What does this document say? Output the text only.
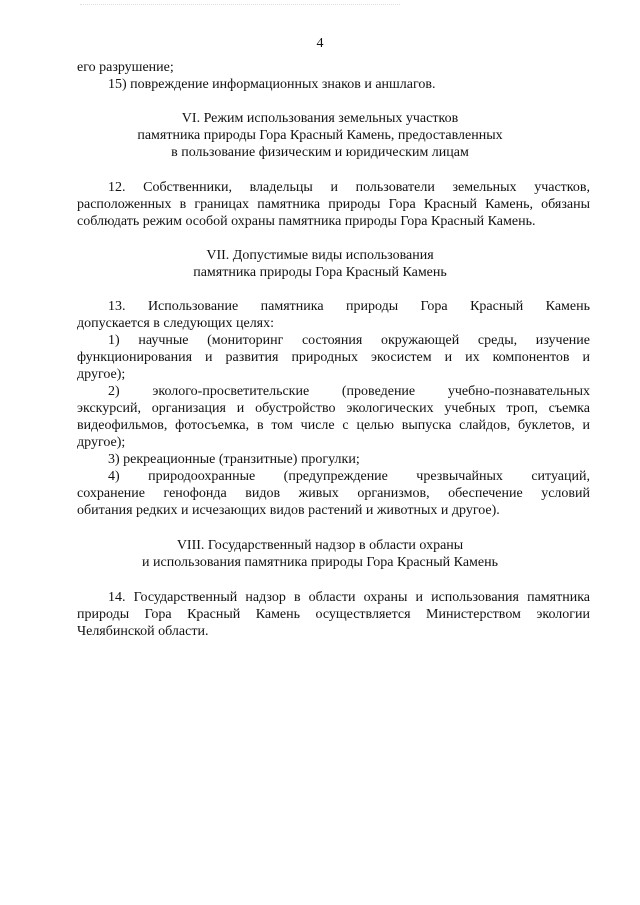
4
его разрушение;
15) повреждение информационных знаков и аншлагов.
VI. Режим использования земельных участков
памятника природы Гора Красный Камень, предоставленных
в пользование физическим и юридическим лицам
12. Собственники, владельцы и пользователи земельных участков,
расположенных в границах памятника природы Гора Красный Камень, обязаны
соблюдать режим особой охраны памятника природы Гора Красный Камень.
VII. Допустимые виды использования
памятника природы Гора Красный Камень
13. Использование памятника природы Гора Красный Камень
допускается в следующих целях:
1) научные (мониторинг состояния окружающей среды, изучение
функционирования и развития природных экосистем и их компонентов и
другое);
2) эколого-просветительские (проведение учебно-познавательных
экскурсий, организация и обустройство экологических учебных троп, съемка
видеофильмов, фотосъемка, в том числе с целью выпуска слайдов, буклетов, и
другое);
3) рекреационные (транзитные) прогулки;
4) природоохранные (предупреждение чрезвычайных ситуаций,
сохранение генофонда видов живых организмов, обеспечение условий
обитания редких и исчезающих видов растений и животных и другое).
VIII. Государственный надзор в области охраны
и использования памятника природы Гора Красный Камень
14. Государственный надзор в области охраны и использования памятника
природы Гора Красный Камень осуществляется Министерством экологии
Челябинской области.
